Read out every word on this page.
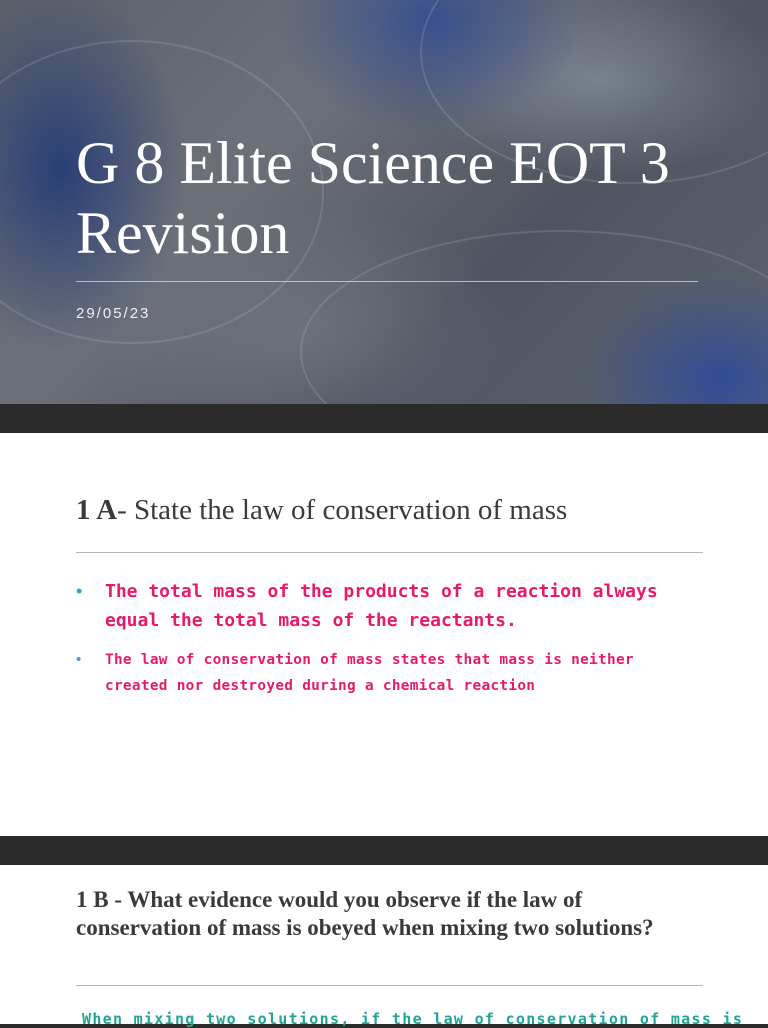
G 8 Elite Science EOT 3 Revision
29/05/23
1 A- State the law of conservation of mass
•	The total mass of the products of a reaction always equal the total mass of the reactants.
•	The law of conservation of mass states that mass is neither created nor destroyed during a chemical reaction
1 B - What evidence would you observe if the law of conservation of mass is obeyed when mixing two solutions?
When mixing two solutions, if the law of conservation of mass is
